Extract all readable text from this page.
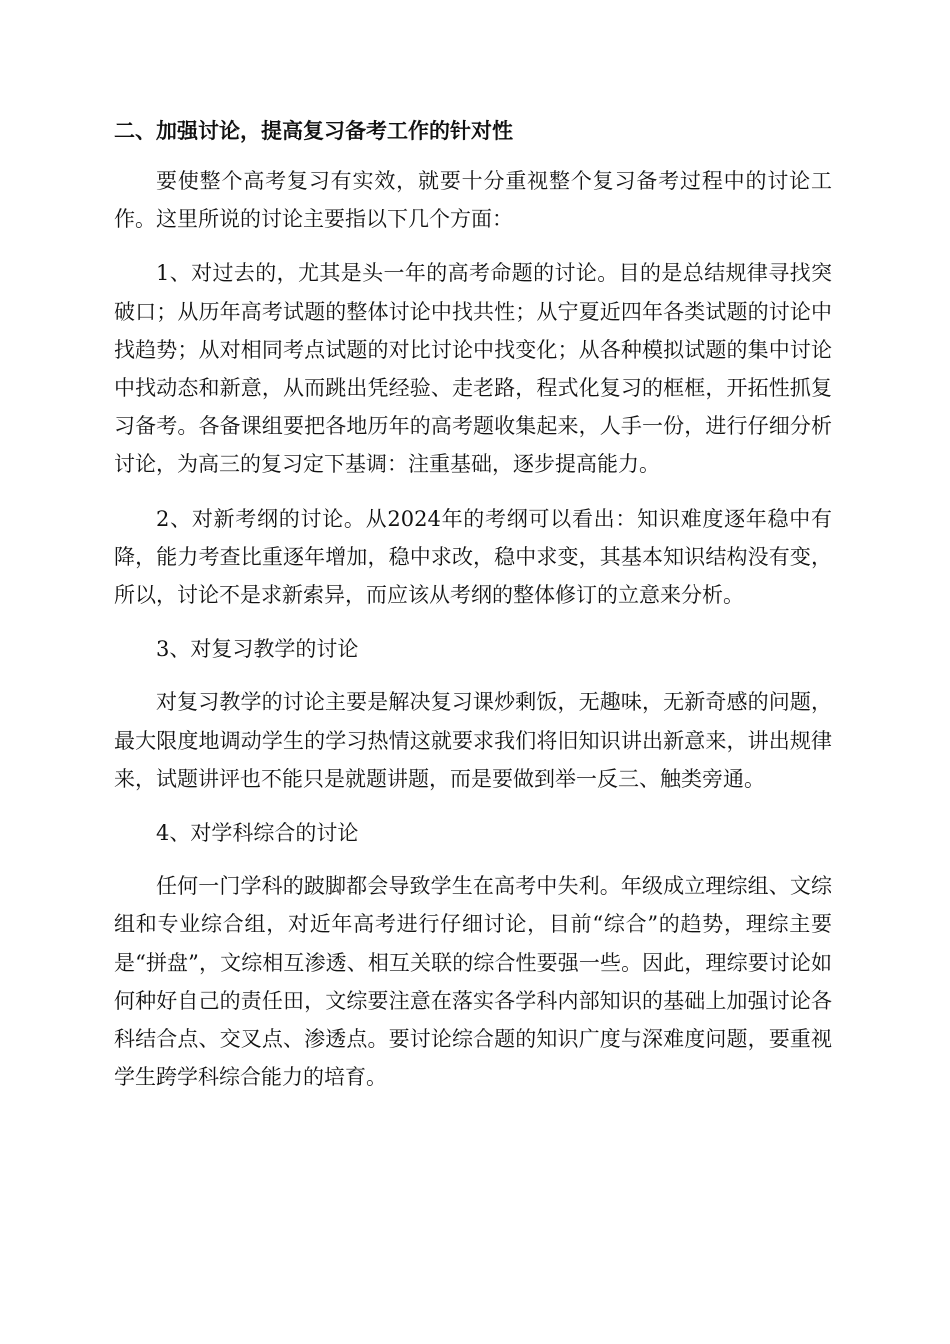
二、加强讨论，提高复习备考工作的针对性

要使整个高考复习有实效，就要十分重视整个复习备考过程中的讨论工作。这里所说的讨论主要指以下几个方面：

1、对过去的，尤其是头一年的高考命题的讨论。目的是总结规律寻找突破口；从历年高考试题的整体讨论中找共性；从宁夏近四年各类试题的讨论中找趋势；从对相同考点试题的对比讨论中找变化；从各种模拟试题的集中讨论中找动态和新意，从而跳出凭经验、走老路，程式化复习的框框，开拓性抓复习备考。各备课组要把各地历年的高考题收集起来，人手一份，进行仔细分析讨论，为高三的复习定下基调：注重基础，逐步提高能力。

2、对新考纲的讨论。从2024年的考纲可以看出：知识难度逐年稳中有降，能力考查比重逐年增加，稳中求改，稳中求变，其基本知识结构没有变，所以，讨论不是求新索异，而应该从考纲的整体修订的立意来分析。

3、对复习教学的讨论

对复习教学的讨论主要是解决复习课炒剩饭，无趣味，无新奇感的问题，最大限度地调动学生的学习热情这就要求我们将旧知识讲出新意来，讲出规律来，试题讲评也不能只是就题讲题，而是要做到举一反三、触类旁通。

4、对学科综合的讨论

任何一门学科的跛脚都会导致学生在高考中失利。年级成立理综组、文综组和专业综合组，对近年高考进行仔细讨论，目前“综合”的趋势，理综主要是“拼盘”，文综相互渗透、相互关联的综合性要强一些。因此，理综要讨论如何种好自己的责任田，文综要注意在落实各学科内部知识的基础上加强讨论各科结合点、交叉点、渗透点。要讨论综合题的知识广度与深难度问题，要重视学生跨学科综合能力的培育。
